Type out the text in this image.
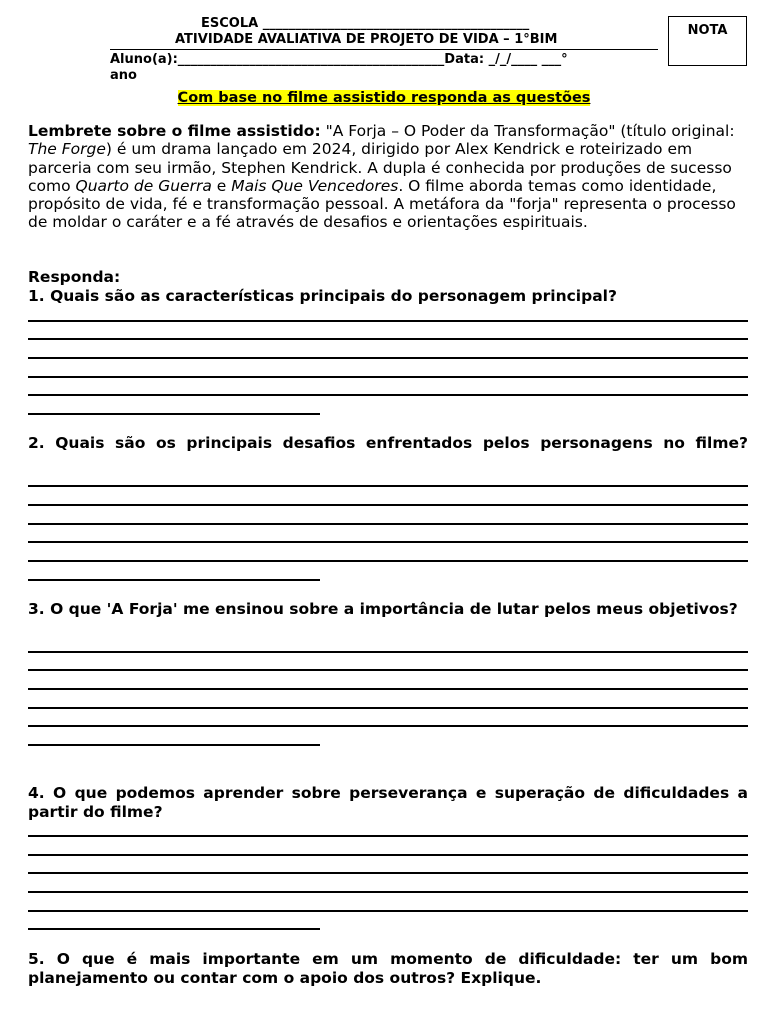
ESCOLA _________________________________________
ATIVIDADE AVALIATIVA DE PROJETO DE VIDA – 1°BIM
Aluno(a):_________________________________________Data: _/_/____ ___°
ano
NOTA
Com base no filme assistido responda as questões
Lembrete sobre o filme assistido: "A Forja – O Poder da Transformação" (título original: The Forge) é um drama lançado em 2024, dirigido por Alex Kendrick e roteirizado em parceria com seu irmão, Stephen Kendrick. A dupla é conhecida por produções de sucesso como Quarto de Guerra e Mais Que Vencedores. O filme aborda temas como identidade, propósito de vida, fé e transformação pessoal. A metáfora da "forja" representa o processo de moldar o caráter e a fé através de desafios e orientações espirituais.
Responda:
1. Quais são as características principais do personagem principal?
2. Quais são os principais desafios enfrentados pelos personagens no filme?
3. O que 'A Forja' me ensinou sobre a importância de lutar pelos meus objetivos?
4. O que podemos aprender sobre perseverança e superação de dificuldades a partir do filme?
5. O que é mais importante em um momento de dificuldade: ter um bom planejamento ou contar com o apoio dos outros? Explique.
